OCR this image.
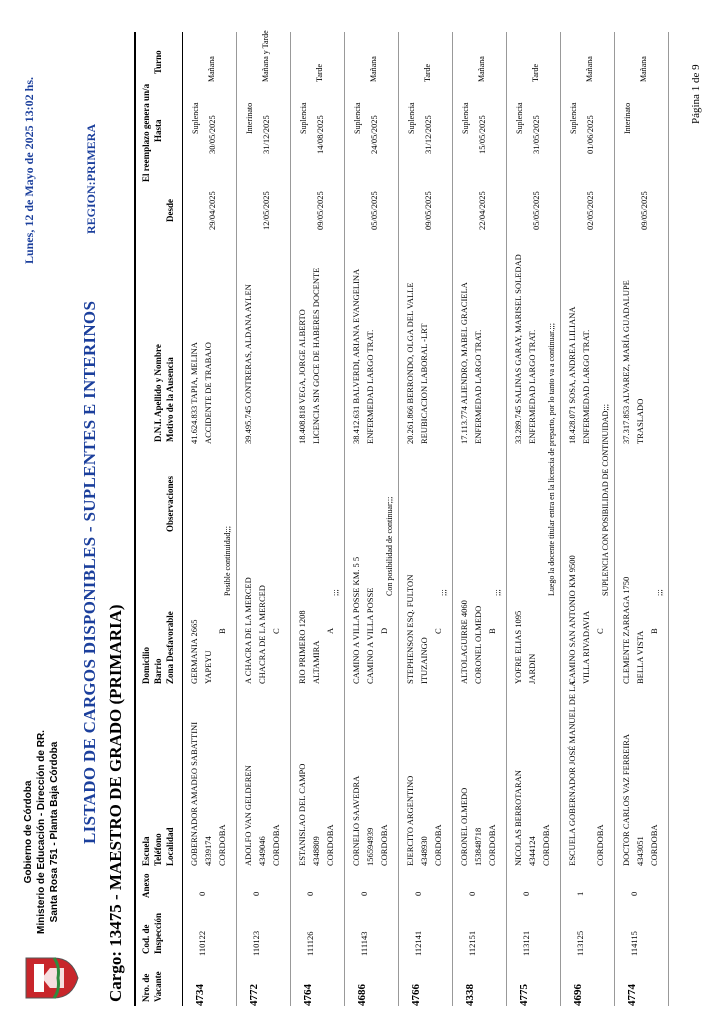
Gobierno de Córdoba Ministerio de Educación - Dirección de RR. Santa Rosa 751 - Planta Baja Córdoba
Lunes, 12 de Mayo de 2025 13:02 hs.
LISTADO DE CARGOS DISPONIBLES - SUPLENTES E INTERINOS
REGION:PRIMERA
Cargo: 13475 - MAESTRO DE GRADO (PRIMARIA) Nro. de Vacante
Cod. de Inspección
Anexo
Escuela Teléfono Localidad
Domicilio Barrio Zona Desfavorable
Observaciones
D.N.I. Apellido y Nombre Motivo de la Ausencia
El reemplazo genera un/a
Desde
Hasta
Turno
4734
110122
0
GOBERNADOR AMADEO SABATTINI 4339174 CORDOBA
GERMANIA 2665 YAPEYU
B
Posible continuidad;;;
41.624.833 TAPIA, MELINA ACCIDENTE DE TRABAJO
29/04/2025
Suplencia 30/05/2025
Mañana
4772
110123
0
ADOLFO VAN GELDEREN 4349046 CORDOBA
A CHACRA DE LA MERCED CHACRA DE LA MERCED C
39.495.745 CONTRERAS, ALDANA AYLEN
12/05/2025
Interinato 31/12/2025
Mañana y Tarde
4764
111126
0
ESTANISLAO DEL CAMPO 4348809 CORDOBA
RIO PRIMERO 1208 ALTAMIRA
A
;;;
18.408.818 VEGA, JORGE ALBERTO LICENCIA SIN GOCE DE HABERES DOCENTE
09/05/2025
Suplencia 14/08/2025
Tarde
4686
111143
0
CORNELIO SAAVEDRA 156594939 CORDOBA
CAMINO A VILLA POSSE KM. 5 5 CAMINO A VILLA POSSE D
Con posibilidad de continuar;;;
38.412.631 BALVERDI, ARIANA EVANGELINA ENFERMEDAD LARGO TRAT.
05/05/2025
Suplencia 24/05/2025
Mañana
4766
112141
0
EJERCITO ARGENTINO 4348930 CORDOBA
STEPHENSON ESQ. FULTON ITUZAINGO
C
;;;
20.261.866 BERRONDO, OLGA DEL VALLE REUBICACION LABORAL -LRT
09/05/2025
Suplencia 31/12/2025
Tarde
4338
112151
0
CORONEL OLMEDO 153848718 CORDOBA
ALTOLAGUIRRE 4060 CORONEL OLMEDO B
;;;
17.113.774 ALIENDRO, MABEL GRACIELA ENFERMEDAD LARGO TRAT.
22/04/2025
Suplencia 15/05/2025
Mañana
4775
113121
0
NICOLAS BERROTARAN 4344124 CORDOBA
YOFRE ELIAS 1095 JARDIN
Luego la docente titular entra en la licencia de preparto, por lo tanto va a continuar.;;;
33.289.745 SALINAS GARAY, MARISEL SOLEDAD ENFERMEDAD LARGO TRAT.
05/05/2025
Suplencia 31/05/2025
Tarde
4696
113125
1
ESCUELA GOBERNADOR JOSÉ MANUEL DE LA CORDOBA
CAMINO SAN ANTONIO KM 9500 VILLA RIVADAVIA C
SUPLENCIA CON POSIBILIDAD DE CONTINUIDAD;;;
18.428.071 SOSA, ANDREA LILIANA ENFERMEDAD LARGO TRAT.
02/05/2025
Suplencia 01/06/2025
Mañana
4774
114115
0
DOCTOR CARLOS VAZ FERREIRA 4343051 CORDOBA
CLEMENTE ZARRAGA 1750 BELLA VISTA B
;;;
37.317.853 ALVAREZ, MARÍA GUADALUPE TRASLADO
09/05/2025
Interinato
Mañana	Página 1 de 9
